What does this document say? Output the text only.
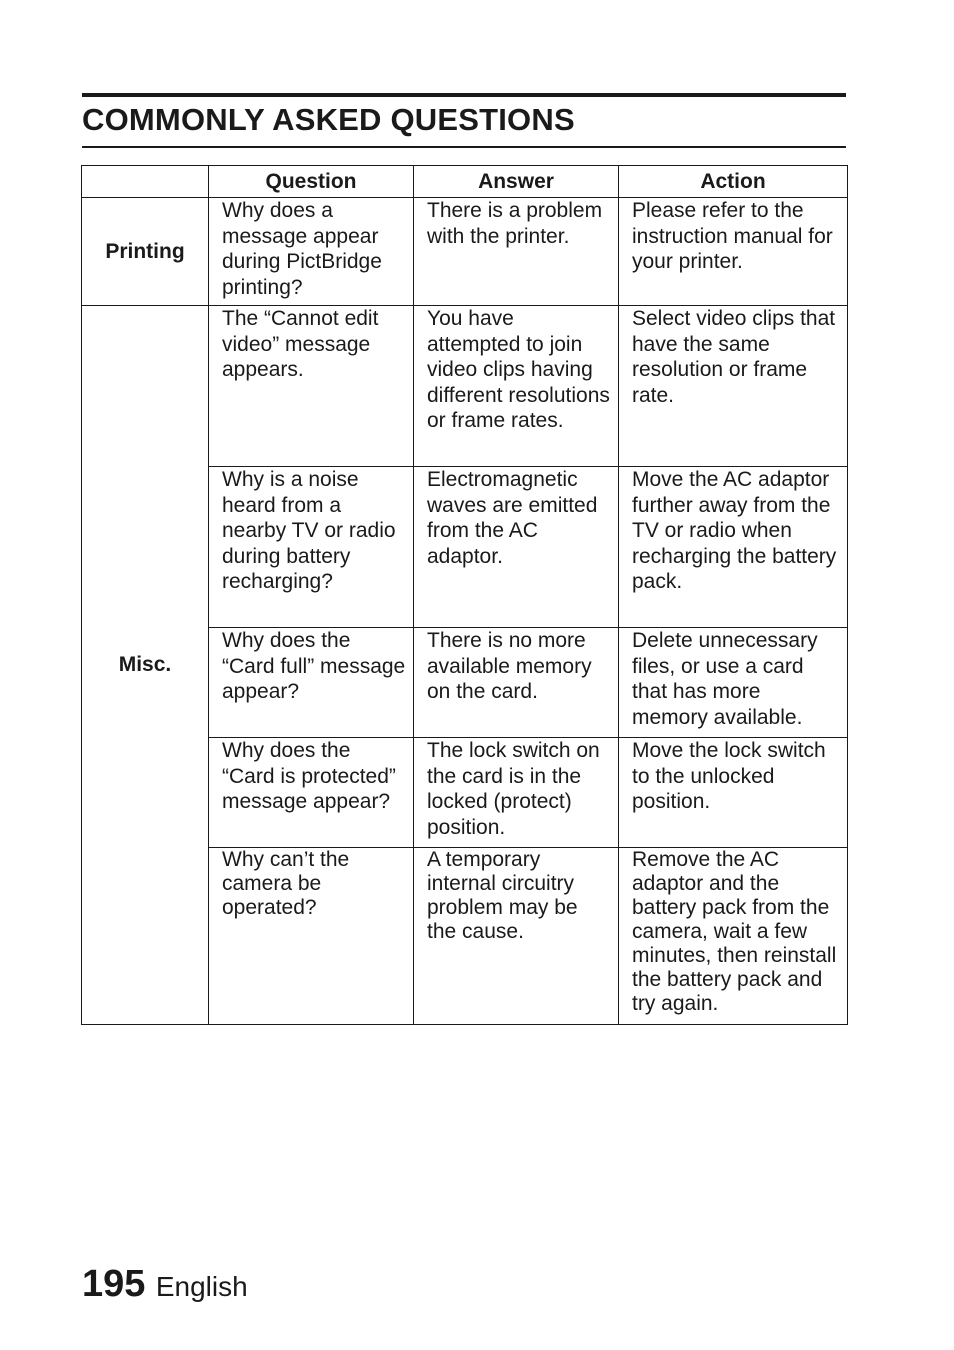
COMMONLY ASKED QUESTIONS
	Question	Answer	Action
Printing	Why does a message appear during PictBridge printing?	There is a problem with the printer.	Please refer to the instruction manual for your printer.
Misc.	The “Cannot edit video” message appears.	You have attempted to join video clips having different resolutions or frame rates.	Select video clips that have the same resolution or frame rate.
	Why is a noise heard from a nearby TV or radio during battery recharging?	Electromagnetic waves are emitted from the AC adaptor.	Move the AC adaptor further away from the TV or radio when recharging the battery pack.
	Why does the “Card full” message appear?	There is no more available memory on the card.	Delete unnecessary files, or use a card that has more memory available.
	Why does the “Card is protected” message appear?	The lock switch on the card is in the locked (protect) position.	Move the lock switch to the unlocked position.
	Why can’t the camera be operated?	A temporary internal circuitry problem may be the cause.	Remove the AC adaptor and the battery pack from the camera, wait a few minutes, then reinstall the battery pack and try again.
195 English
